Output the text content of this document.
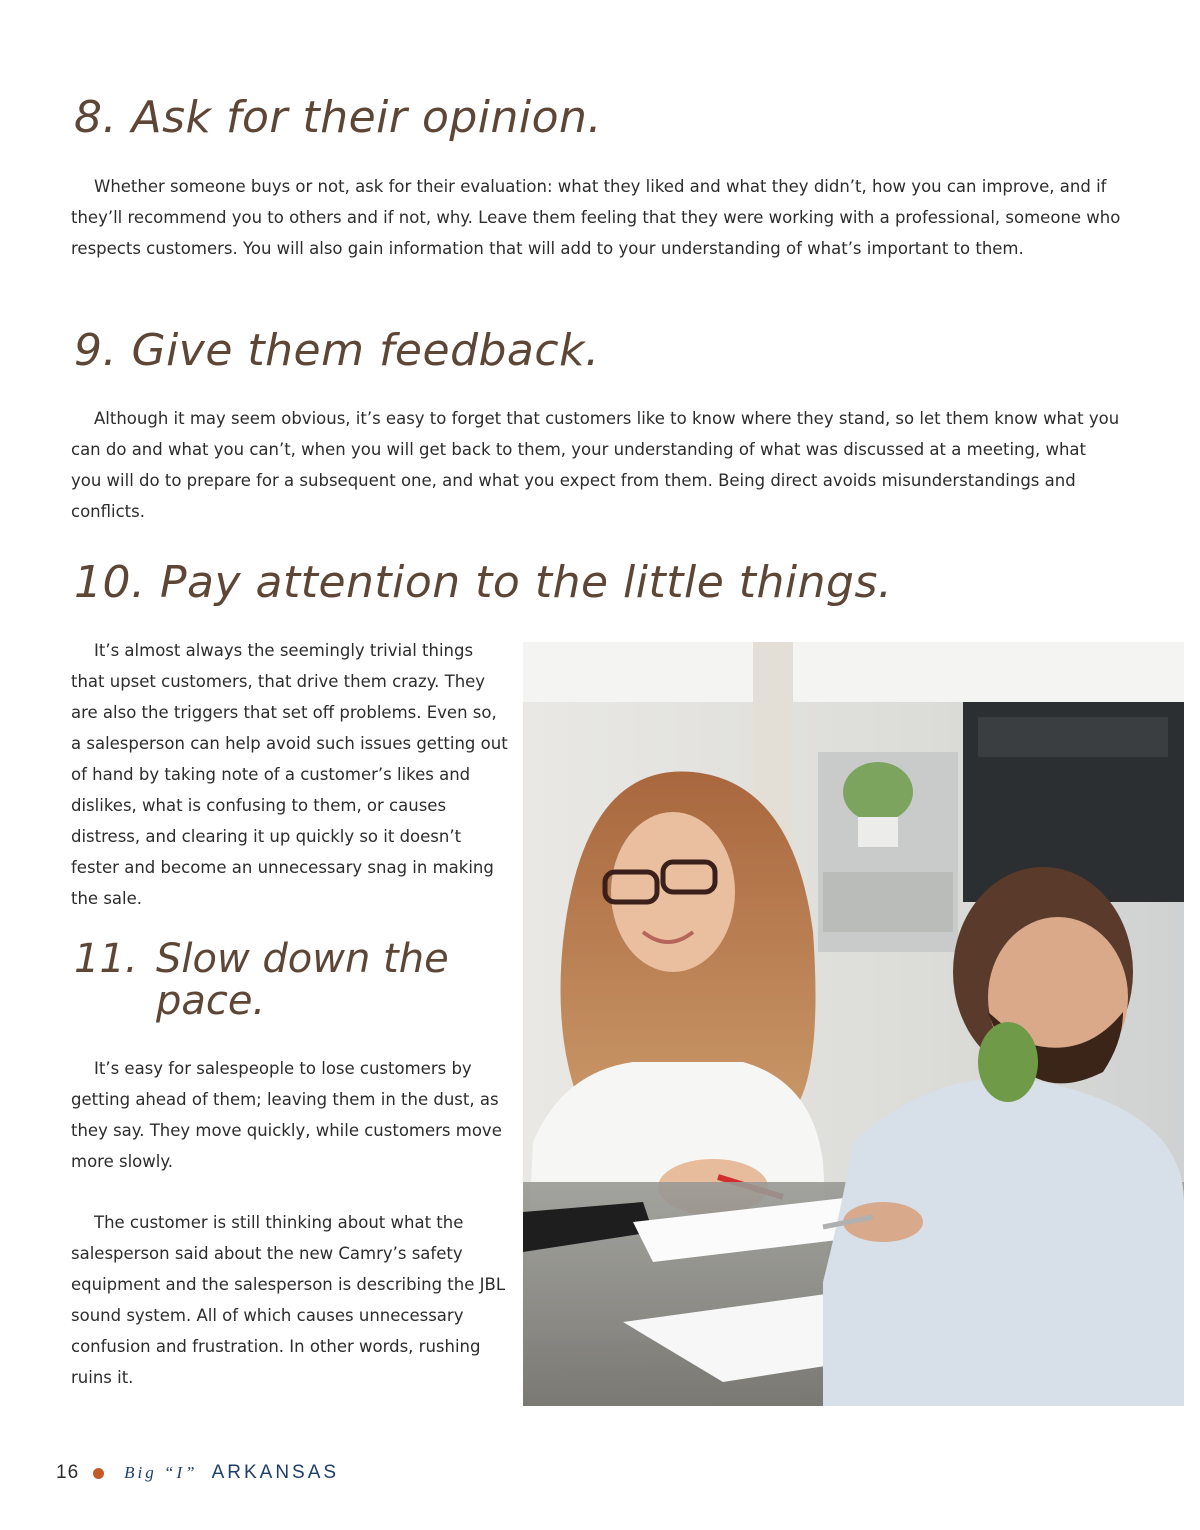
8. Ask for their opinion.

Whether someone buys or not, ask for their evaluation: what they liked and what they didn’t, how you can improve, and if they’ll recommend you to others and if not, why. Leave them feeling that they were working with a professional, someone who respects customers. You will also gain information that will add to your understanding of what’s important to them.

9. Give them feedback.

Although it may seem obvious, it’s easy to forget that customers like to know where they stand, so let them know what you can do and what you can’t, when you will get back to them, your understanding of what was discussed at a meeting, what you will do to prepare for a subsequent one, and what you expect from them. Being direct avoids misunderstandings and conflicts.

10. Pay attention to the little things.

It’s almost always the seemingly trivial things that upset customers, that drive them crazy. They are also the triggers that set off problems. Even so, a salesperson can help avoid such issues getting out of hand by taking note of a customer’s likes and dislikes, what is confusing to them, or causes distress, and clearing it up quickly so it doesn’t fester and become an unnecessary snag in making the sale.

11. Slow down the
pace.

It’s easy for salespeople to lose customers by getting ahead of them; leaving them in the dust, as they say. They move quickly, while customers move more slowly.

The customer is still thinking about what the salesperson said about the new Camry’s safety equipment and the salesperson is describing the JBL sound system. All of which causes unnecessary confusion and frustration. In other words, rushing ruins it.

16	Big “I” ARKANSAS
